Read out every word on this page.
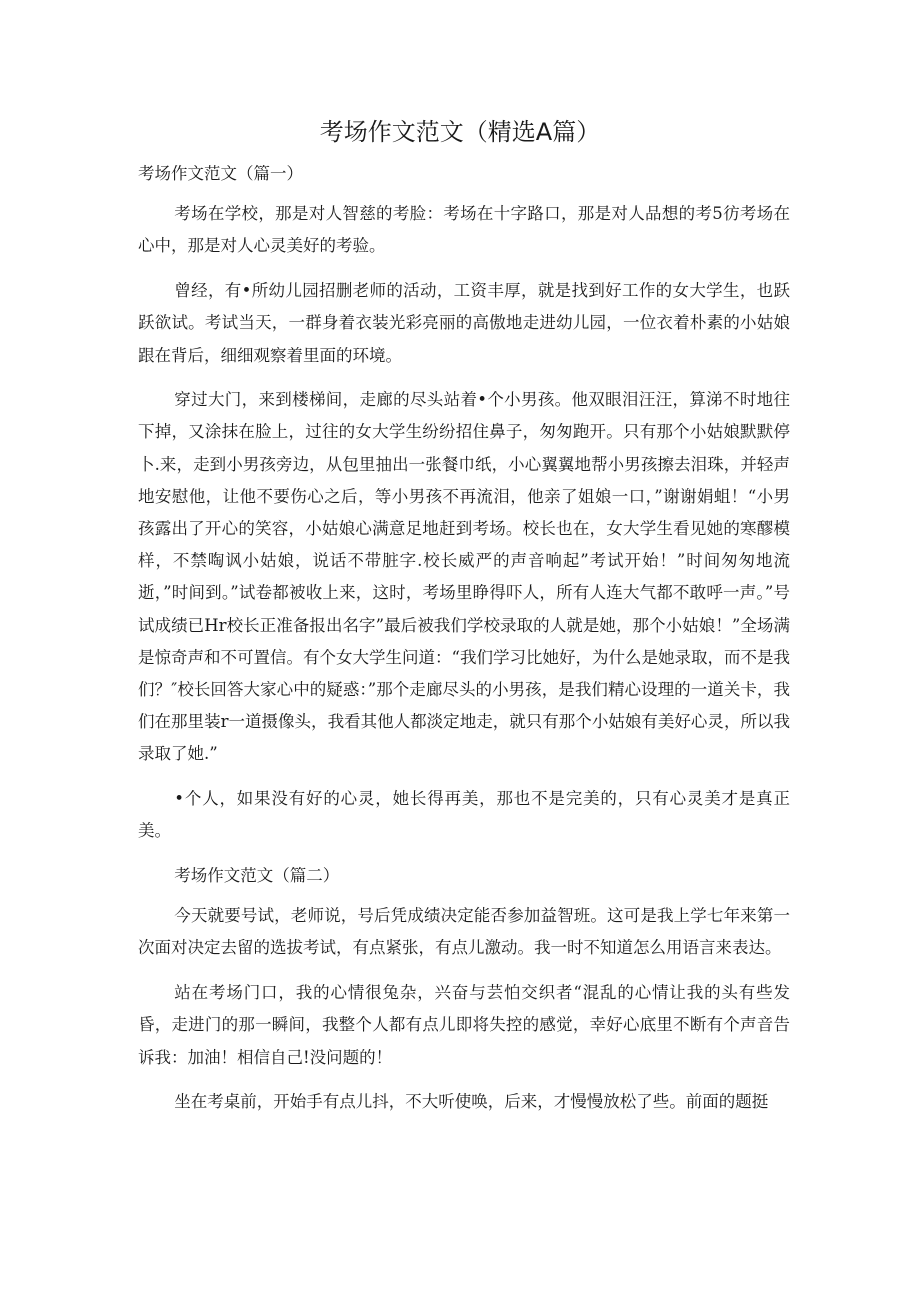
考场作文范文（精选A篇）

考场作文范文（篇一）

考场在学校，那是对人智慈的考脸：考场在十字路口，那是对人品想的考5彷考场在心中，那是对人心灵美好的考验。

曾经，有•所幼儿园招删老师的活动，工资丰厚，就是找到好工作的女大学生，也跃跃欲试。考试当天，一群身着衣装光彩亮丽的高傲地走进幼儿园，一位衣着朴素的小姑娘跟在背后，细细观察着里面的环境。

穿过大门，来到楼梯间，走廊的尽头站着•个小男孩。他双眼泪汪汪，算涕不时地往下掉，又涂抹在脸上，过往的女大学生纷纷招住鼻子，匆匆跑开。只有那个小姑娘默默停卜.来，走到小男孩旁边，从包里抽出一张餐巾纸，小心翼翼地帮小男孩擦去泪珠，并轻声地安慰他，让他不要伤心之后，等小男孩不再流泪，他亲了姐娘一口，”谢谢娟蛆！“小男孩露出了开心的笑容，小姑娘心满意足地赶到考场。校长也在，女大学生看见她的寒醪模样，不禁啕讽小姑娘，说话不带脏字.校长威严的声音响起”考试开始！”时间匆匆地流逝，”时间到。”试卷都被收上来，这时，考场里睁得吓人，所有人连大气都不敢呼一声。”号试成绩已Hr校长正准备报出名字”最后被我们学校录取的人就是她，那个小姑娘！”全场满是惊奇声和不可置信。有个女大学生问道：“我们学习比她好，为什么是她录取，而不是我们？″校长回答大家心中的疑惑：”那个走廊尽头的小男孩，是我们精心设理的一道关卡，我们在那里装r一道摄像头，我看其他人都淡定地走，就只有那个小姑娘有美好心灵，所以我录取了她.”

•个人，如果没有好的心灵，她长得再美，那也不是完美的，只有心灵美才是真正美。

考场作文范文（篇二）

今天就要号试，老师说，号后凭成绩决定能否参加益智班。这可是我上学七年来第一次面对决定去留的选拔考试，有点紧张，有点儿激动。我一时不知道怎么用语言来表达。

站在考场门口，我的心情很兔杂，兴奋与芸怕交织者“混乱的心情让我的头有些发昏，走进门的那一瞬间，我整个人都有点儿即将失控的感觉，幸好心底里不断有个声音告诉我：加油！相信自己!没问题的！

坐在考桌前，开始手有点儿抖，不大听使唤，后来，才慢慢放松了些。前面的题挺
